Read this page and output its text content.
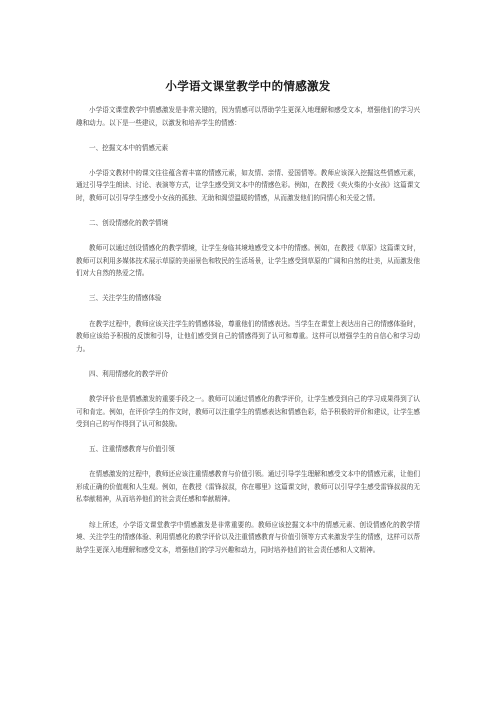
小学语文课堂教学中的情感激发

小学语文课堂教学中情感激发是非常关键的，因为情感可以帮助学生更深入地理解和感受文本，增强他们的学习兴趣和动力。以下是一些建议，以激发和培养学生的情感：

一、挖掘文本中的情感元素

小学语文教材中的课文往往蕴含着丰富的情感元素，如友情、亲情、爱国情等。教师应该深入挖掘这些情感元素，通过引导学生朗读、讨论、表演等方式，让学生感受到文本中的情感色彩。例如，在教授《卖火柴的小女孩》这篇课文时，教师可以引导学生感受小女孩的孤独、无助和渴望温暖的情感，从而激发他们的同情心和关爱之情。

二、创设情感化的教学情境

教师可以通过创设情感化的教学情境，让学生身临其境地感受文本中的情感。例如，在教授《草原》这篇课文时，教师可以利用多媒体技术展示草原的美丽景色和牧民的生活场景，让学生感受到草原的广阔和自然的壮美，从而激发他们对大自然的热爱之情。

三、关注学生的情感体验

在教学过程中，教师应该关注学生的情感体验，尊重他们的情感表达。当学生在课堂上表达出自己的情感体验时，教师应该给予积极的反馈和引导，让他们感受到自己的情感得到了认可和尊重。这样可以增强学生的自信心和学习动力。

四、利用情感化的教学评价

教学评价也是情感激发的重要手段之一。教师可以通过情感化的教学评价，让学生感受到自己的学习成果得到了认可和肯定。例如，在评价学生的作文时，教师可以注重学生的情感表达和情感色彩，给予积极的评价和建议，让学生感受到自己的写作得到了认可和鼓励。

五、注重情感教育与价值引领

在情感激发的过程中，教师还应该注重情感教育与价值引领。通过引导学生理解和感受文本中的情感元素，让他们形成正确的价值观和人生观。例如，在教授《雷锋叔叔，你在哪里》这篇课文时，教师可以引导学生感受雷锋叔叔的无私奉献精神，从而培养他们的社会责任感和奉献精神。

综上所述，小学语文课堂教学中情感激发是非常重要的。教师应该挖掘文本中的情感元素、创设情感化的教学情境、关注学生的情感体验、利用情感化的教学评价以及注重情感教育与价值引领等方式来激发学生的情感，这样可以帮助学生更深入地理解和感受文本，增强他们的学习兴趣和动力，同时培养他们的社会责任感和人文精神。
